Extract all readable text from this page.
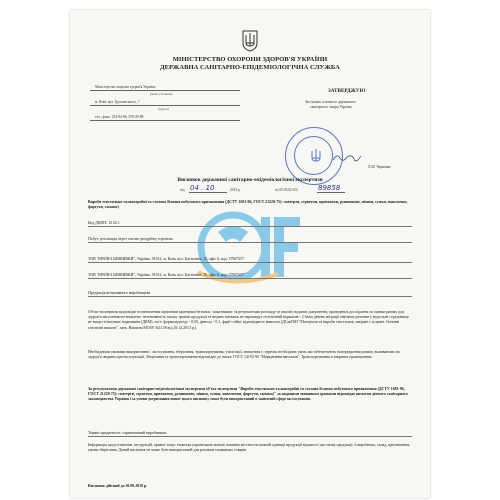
МІНІСТЕРСТВО ОХОРОНИ ЗДОРОВ'Я УКРАЇНИ
ДЕРЖАВНА САНІТАРНО-ЕПІДЕМІОЛОГІЧНА СЛУЖБА
Міністерство охорони здоров'я України
(назва установи)
м. Київ, вул. Грушевського, 7
(адреса)
тел., факс: 253-94-86, 559-29-88
ЗАТВЕРДЖУЮ
Заступник головного державного
санітарного лікаря України
Л.М. Черненко
Висновок державної санітарно-епідеміологічної експертизи
від 04 . 10	2013 р.	№ 05.03.02-03/	89858
Вироби текстильно-галантерейні та столова білизна побутового призначення (ДСТУ 1681-96, ГОСТ 21220-75): скатерти, серветки, прихватки, рушникове, мішки, сумки, наволочки, фартухи, гамаки)
Код ДКПП: 13.92.1
Побут: реалізація через оптово-роздрібну торгівлю
ТОВ "КРАЇНА ВИШИВКИ", Україна, 01014, м. Київ, вул. Бастіонна, 15, офіс 6, код: 37907257
ТОВ "КРАЇНА ВИШИВКИ", Україна, 01014, м. Київ, вул. Бастіонна, 15, офіс 6, код: 37907257
Продукція вітчизняного виробництва.
Об'єкт експертизи відповідає встановленим медичним критеріям безпеки / показникам: за результатами розгляду та аналізу наданих документів, проведених досліджень та оцінки ризику для здоров'я населення встановлено: інтенсивність запаху зразків продукції та водних витяжок не перевищує гігієнічний норматив - 2 бали; рівень міграції хімічних речовин у модельне середовище не вище гігієнічних нормативів (ДКМ), мг/л: формальдегіду - 0,05, фенолу - 0,1, фарб стійкі, відповідають вимогам (ДСанПіН "Матеріали та вироби текстильні, шкіряні і хутряні. Основні гігієнічні вимоги", затв. Наказом МОЗУ №1138 від 29.12.2013 р.).
Необхідними умовами використання / застосування, зберігання, транспортування, утилізації, знищення є: перелік необхідних умов, які забезпечують попередження ризику, впливаючих на здоров'я людини при експлуатації. Зберігання та транспортування відповідно до вимог ГОСТ 14192-96 "Маркування вантажів". Транспортування в закритих приміщеннях.
За результатами державної санітарно-епідеміологічної експертизи об'єкт експертизи "Вироби текстильно-галантерейні та столова білизна побутового призначення (ДСТУ 1681-96, ГОСТ 21220-75): скатерти, серветки, прихватки, рушникове, мішки, сумки, наволочки, фартухи, гамаки)" за наданими заявником зразками відповідає вимогам діючого санітарного законодавства України і за умови дотримання вимог цього висновку може бути використаний в заявленій сфері застосування.
Термін придатності: гарантований виробником.
Інформація щодо етикетки, інструкцій, правил тощо: етикетка українською мовою повинна містити на кожній одиниці продукції відомості про назву продукції, її виробника, склад, призначення, умови зберігання. Даний висновок не може бути використаний для реклами споживчих товарів.
Висновок дійсний до 30.09.2018 р.
